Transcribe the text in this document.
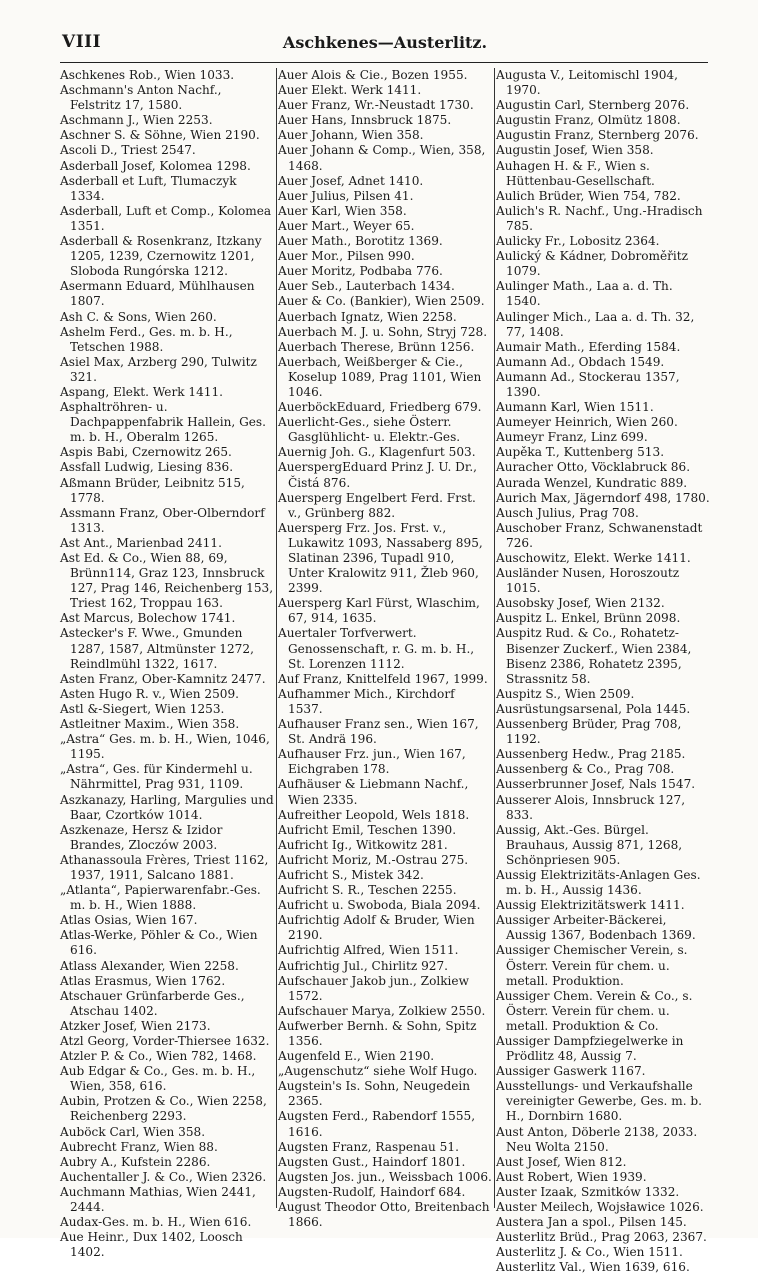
VIII	Aschkenes—Austerlitz.

Aschkenes Rob., Wien 1033.

Aschmann's Anton Nachf., Felstritz 17, 1580.

Aschmann J., Wien 2253.

Aschner S. & Söhne, Wien 2190.

Ascoli D., Triest 2547.

Asderball Josef, Kolomea 1298.

Asderball et Luft, Tlumaczyk 1334.

Asderball, Luft et Comp., Kolomea 1351.

Asderball & Rosenkranz, Itzkany 1205, 1239, Czernowitz 1201, Sloboda Rungórska 1212.

Asermann Eduard, Mühlhausen 1807.

Ash C. & Sons, Wien 260.

Ashelm Ferd., Ges. m. b. H., Tetschen 1988.

Asiel Max, Arzberg 290, Tulwitz 321.

Aspang, Elekt. Werk 1411.

Asphaltröhren- u. Dachpappenfabrik Hallein, Ges. m. b. H., Oberalm 1265.

Aspis Babi, Czernowitz 265.

Assfall Ludwig, Liesing 836.

Aßmann Brüder, Leibnitz 515, 1778.

Assmann Franz, Ober-Olberndorf 1313.

Ast Ant., Marienbad 2411.

Ast Ed. & Co., Wien 88, 69, Brünn114, Graz 123, Innsbruck 127, Prag 146, Reichenberg 153, Triest 162, Troppau 163.

Ast Marcus, Bolechow 1741.

Astecker's F. Wwe., Gmunden 1287, 1587, Altmünster 1272, Reindlmühl 1322, 1617.

Asten Franz, Ober-Kamnitz 2477.

Asten Hugo R. v., Wien 2509.

Astl &-Siegert, Wien 1253.

Astleitner Maxim., Wien 358.

„Astra“ Ges. m. b. H., Wien, 1046, 1195.

„Astra“, Ges. für Kindermehl u. Nährmittel, Prag 931, 1109.

Aszkanazy, Harling, Margulies und Baar, Czortków 1014.

Aszkenaze, Hersz & Izidor Brandes, Zloczów 2003.

Athanassoula Frères, Triest 1162, 1937, 1911, Salcano 1881.

„Atlanta“, Papierwarenfabr.-Ges. m. b. H., Wien 1888.

Atlas Osias, Wien 167.

Atlas-Werke, Pöhler & Co., Wien 616.

Atlass Alexander, Wien 2258.

Atlas Erasmus, Wien 1762.

Atschauer Grünfarberde Ges., Atschau 1402.

Atzker Josef, Wien 2173.

Atzl Georg, Vorder-Thiersee 1632.

Atzler P. & Co., Wien 782, 1468.

Aub Edgar & Co., Ges. m. b. H., Wien, 358, 616.

Aubin, Protzen & Co., Wien 2258, Reichenberg 2293.

Auböck Carl, Wien 358.

Aubrecht Franz, Wien 88.

Aubry A., Kufstein 2286.

Auchentaller J. & Co., Wien 2326.

Auchmann Mathias, Wien 2441, 2444.

Audax-Ges. m. b. H., Wien 616.

Aue Heinr., Dux 1402, Loosch 1402.

Auer Alois & Cie., Bozen 1955.

Auer Elekt. Werk 1411.

Auer Franz, Wr.-Neustadt 1730.

Auer Hans, Innsbruck 1875.

Auer Johann, Wien 358.

Auer Johann & Comp., Wien, 358, 1468.

Auer Josef, Adnet 1410.

Auer Julius, Pilsen 41.

Auer Karl, Wien 358.

Auer Mart., Weyer 65.

Auer Math., Borotitz 1369.

Auer Mor., Pilsen 990.

Auer Moritz, Podbaba 776.

Auer Seb., Lauterbach 1434.

Auer & Co. (Bankier), Wien 2509.

Auerbach Ignatz, Wien 2258.

Auerbach M. J. u. Sohn, Stryj 728.

Auerbach Therese, Brünn 1256.

Auerbach, Weißberger & Cie., Koselup 1089, Prag 1101, Wien 1046.

AuerböckEduard, Friedberg 679.

Auerlicht-Ges., siehe Österr. Gasglühlicht- u. Elektr.-Ges.

Auernig Joh. G., Klagenfurt 503.

AuerspergEduard Prinz J. U. Dr., Čistá 876.

Auersperg Engelbert Ferd. Frst. v., Grünberg 882.

Auersperg Frz. Jos. Frst. v., Lukawitz 1093, Nassaberg 895, Slatinan 2396, Tupadl 910, Unter Kralowitz 911, Žleb 960, 2399.

Auersperg Karl Fürst, Wlaschim, 67, 914, 1635.

Auertaler Torfverwert. Genossenschaft, r. G. m. b. H., St. Lorenzen 1112.

Auf Franz, Knittelfeld 1967, 1999.

Aufhammer Mich., Kirchdorf 1537.

Aufhauser Franz sen., Wien 167, St. Andrä 196.

Aufhauser Frz. jun., Wien 167, Eichgraben 178.

Aufhäuser & Liebmann Nachf., Wien 2335.

Aufreither Leopold, Wels 1818.

Aufricht Emil, Teschen 1390.

Aufricht Ig., Witkowitz 281.

Aufricht Moriz, M.-Ostrau 275.

Aufricht S., Mistek 342.

Aufricht S. R., Teschen 2255.

Aufricht u. Swoboda, Biala 2094.

Aufrichtig Adolf & Bruder, Wien 2190.

Aufrichtig Alfred, Wien 1511.

Aufrichtig Jul., Chirlitz 927.

Aufschauer Jakob jun., Zolkiew 1572.

Aufschauer Marya, Zolkiew 2550.

Aufwerber Bernh. & Sohn, Spitz 1356.

Augenfeld E., Wien 2190.

„Augenschutz“ siehe Wolf Hugo.

Augstein's Is. Sohn, Neugedein 2365.

Augsten Ferd., Rabendorf 1555, 1616.

Augsten Franz, Raspenau 51.

Augsten Gust., Haindorf 1801.

Augsten Jos. jun., Weissbach 1006.

Augsten-Rudolf, Haindorf 684.

August Theodor Otto, Breitenbach 1866.

Augusta V., Leitomischl 1904, 1970.

Augustin Carl, Sternberg 2076.

Augustin Franz, Olmütz 1808.

Augustin Franz, Sternberg 2076.

Augustin Josef, Wien 358.

Auhagen H. & F., Wien s. Hüttenbau-Gesellschaft.

Aulich Brüder, Wien 754, 782.

Aulich's R. Nachf., Ung.-Hradisch 785.

Aulicky Fr., Lobositz 2364.

Aulický & Kádner, Dobroměřitz 1079.

Aulinger Math., Laa a. d. Th. 1540.

Aulinger Mich., Laa a. d. Th. 32, 77, 1408.

Aumair Math., Eferding 1584.

Aumann Ad., Obdach 1549.

Aumann Ad., Stockerau 1357, 1390.

Aumann Karl, Wien 1511.

Aumeyer Heinrich, Wien 260.

Aumeyr Franz, Linz 699.

Aupěka T., Kuttenberg 513.

Auracher Otto, Vöcklabruck 86.

Aurada Wenzel, Kundratic 889.

Aurich Max, Jägerndorf 498, 1780.

Ausch Julius, Prag 708.

Auschober Franz, Schwanenstadt 726.

Auschowitz, Elekt. Werke 1411.

Ausländer Nusen, Horoszoutz 1015.

Ausobsky Josef, Wien 2132.

Auspitz L. Enkel, Brünn 2098.

Auspitz Rud. & Co., Rohatetz-Bisenzer Zuckerf., Wien 2384, Bisenz 2386, Rohatetz 2395, Strassnitz 58.

Auspitz S., Wien 2509.

Ausrüstungsarsenal, Pola 1445.

Aussenberg Brüder, Prag 708, 1192.

Aussenberg Hedw., Prag 2185.

Aussenberg & Co., Prag 708.

Ausserbrunner Josef, Nals 1547.

Ausserer Alois, Innsbruck 127, 833.

Aussig, Akt.-Ges. Bürgel. Brauhaus, Aussig 871, 1268, Schönpriesen 905.

Aussig Elektrizitäts-Anlagen Ges. m. b. H., Aussig 1436.

Aussig Elektrizitätswerk 1411.

Aussiger Arbeiter-Bäckerei, Aussig 1367, Bodenbach 1369.

Aussiger Chemischer Verein, s. Österr. Verein für chem. u. metall. Produktion.

Aussiger Chem. Verein & Co., s. Österr. Verein für chem. u. metall. Produktion & Co.

Aussiger Dampfziegelwerke in Prödlitz 48, Aussig 7.

Aussiger Gaswerk 1167.

Ausstellungs- und Verkaufshalle vereinigter Gewerbe, Ges. m. b. H., Dornbirn 1680.

Aust Anton, Döberle 2138, 2033. Neu Wolta 2150.

Aust Josef, Wien 812.

Aust Robert, Wien 1939.

Auster Izaak, Szmitków 1332.

Auster Meilech, Wojsławice 1026.

Austera Jan a spol., Pilsen 145.

Austerlitz Brüd., Prag 2063, 2367.

Austerlitz J. & Co., Wien 1511.

Austerlitz Val., Wien 1639, 616.
